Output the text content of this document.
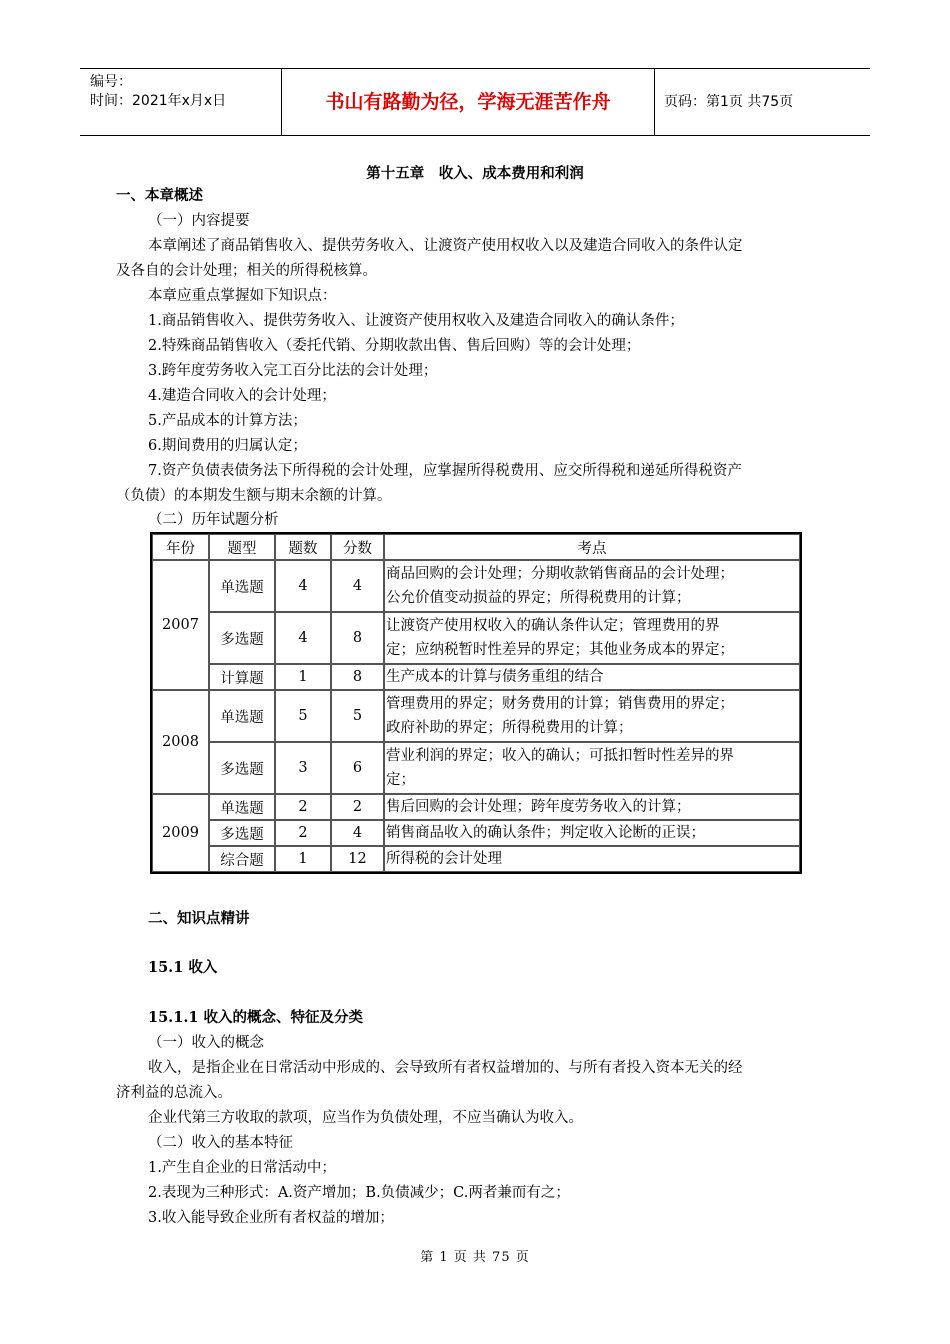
编号：
时间：2021年x月x日	书山有路勤为径，学海无涯苦作舟	页码：第1页 共75页
第十五章　收入、成本费用和利润
一、本章概述
（一）内容提要
本章阐述了商品销售收入、提供劳务收入、让渡资产使用权收入以及建造合同收入的条件认定
及各自的会计处理；相关的所得税核算。
本章应重点掌握如下知识点：
1.商品销售收入、提供劳务收入、让渡资产使用权收入及建造合同收入的确认条件；
2.特殊商品销售收入（委托代销、分期收款出售、售后回购）等的会计处理；
3.跨年度劳务收入完工百分比法的会计处理；
4.建造合同收入的会计处理；
5.产品成本的计算方法；
6.期间费用的归属认定；
7.资产负债表债务法下所得税的会计处理，应掌握所得税费用、应交所得税和递延所得税资产
（负债）的本期发生额与期末余额的计算。
（二）历年试题分析
年份	题型	题数	分数	考点
2007	单选题	4	4	商品回购的会计处理；分期收款销售商品的会计处理；
公允价值变动损益的界定；所得税费用的计算；

	多选题	4	8	让渡资产使用权收入的确认条件认定；管理费用的界
定；应纳税暂时性差异的界定；其他业务成本的界定；

	计算题	1	8	生产成本的计算与债务重组的结合
2008	单选题	5	5	管理费用的界定；财务费用的计算；销售费用的界定；
政府补助的界定；所得税费用的计算；

	多选题	3	6	营业利润的界定；收入的确认；可抵扣暂时性差异的界
定；

2009	单选题	2	2	售后回购的会计处理；跨年度劳务收入的计算；
	多选题	2	4	销售商品收入的确认条件；判定收入论断的正误；
	综合题	1	12	所得税的会计处理
二、知识点精讲
15.1 收入
15.1.1 收入的概念、特征及分类
（一）收入的概念
收入，是指企业在日常活动中形成的、会导致所有者权益增加的、与所有者投入资本无关的经
济利益的总流入。
企业代第三方收取的款项，应当作为负债处理，不应当确认为收入。
（二）收入的基本特征
1.产生自企业的日常活动中；
2.表现为三种形式：A.资产增加；B.负债减少；C.两者兼而有之；
3.收入能导致企业所有者权益的增加；
第 1 页 共 75 页
